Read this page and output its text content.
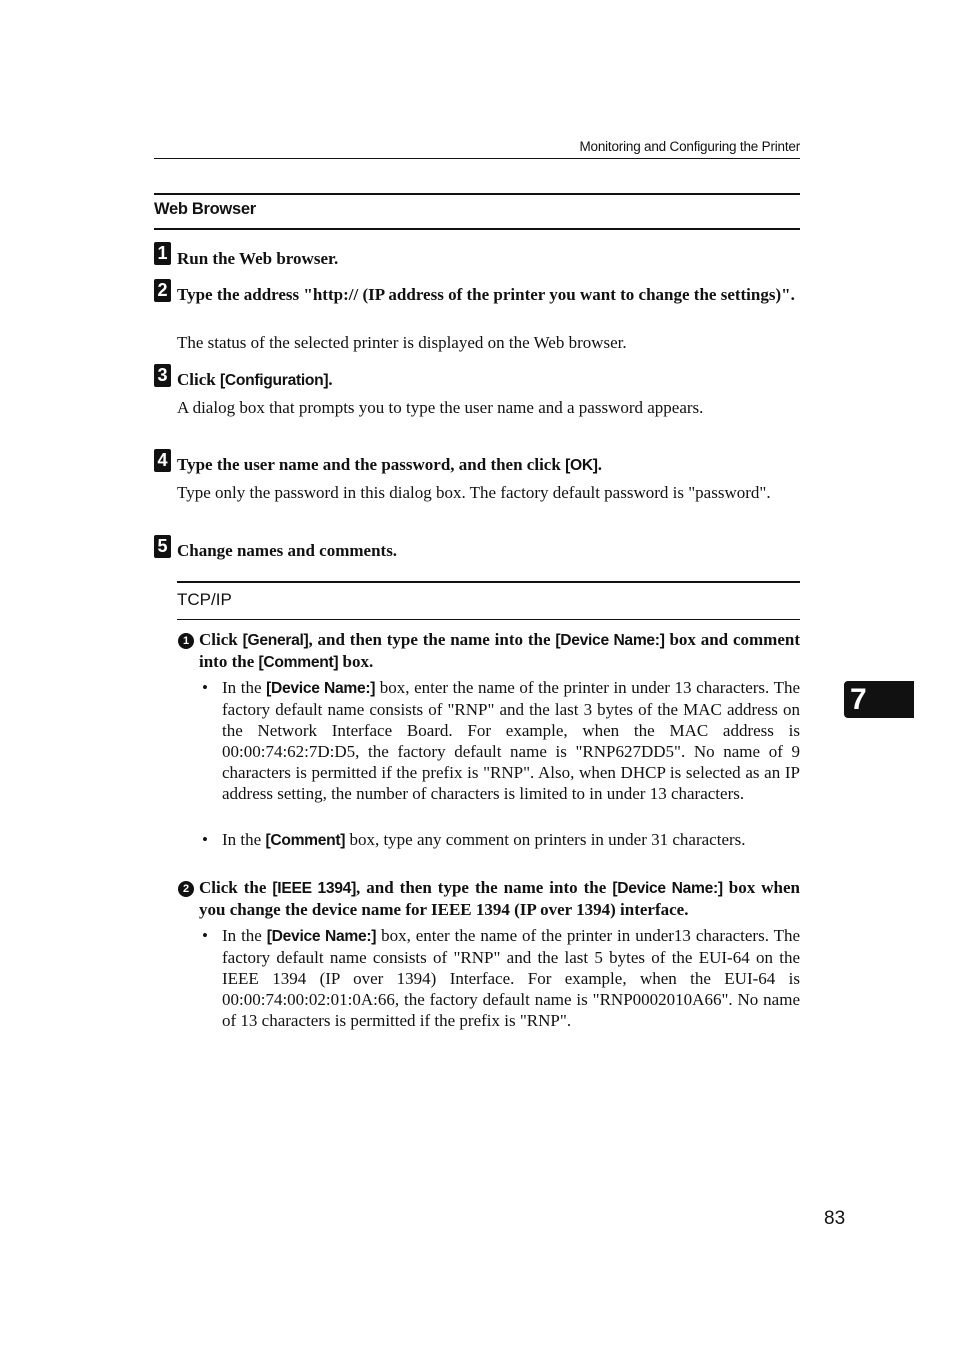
Monitoring and Configuring the Printer
Web Browser
1 Run the Web browser.
2 Type the address "http:// (IP address of the printer you want to change the settings)".
The status of the selected printer is displayed on the Web browser.
3 Click [Configuration].
A dialog box that prompts you to type the user name and a password appears.
4 Type the user name and the password, and then click [OK].
Type only the password in this dialog box. The factory default password is "password".
5 Change names and comments.
TCP/IP
1 Click [General], and then type the name into the [Device Name:] box and comment into the [Comment] box.
• In the [Device Name:] box, enter the name of the printer in under 13 characters. The factory default name consists of "RNP" and the last 3 bytes of the MAC address on the Network Interface Board. For example, when the MAC address is 00:00:74:62:7D:D5, the factory default name is "RNP627DD5". No name of 9 characters is permitted if the prefix is "RNP". Also, when DHCP is selected as an IP address setting, the number of characters is limited to in under 13 characters.
• In the [Comment] box, type any comment on printers in under 31 characters.
2 Click the [IEEE 1394], and then type the name into the [Device Name:] box when you change the device name for IEEE 1394 (IP over 1394) interface.
• In the [Device Name:] box, enter the name of the printer in under13 characters. The factory default name consists of "RNP" and the last 5 bytes of the EUI-64 on the IEEE 1394 (IP over 1394) Interface. For example, when the EUI-64 is 00:00:74:00:02:01:0A:66, the factory default name is "RNP0002010A66". No name of 13 characters is permitted if the prefix is "RNP".
7
83
